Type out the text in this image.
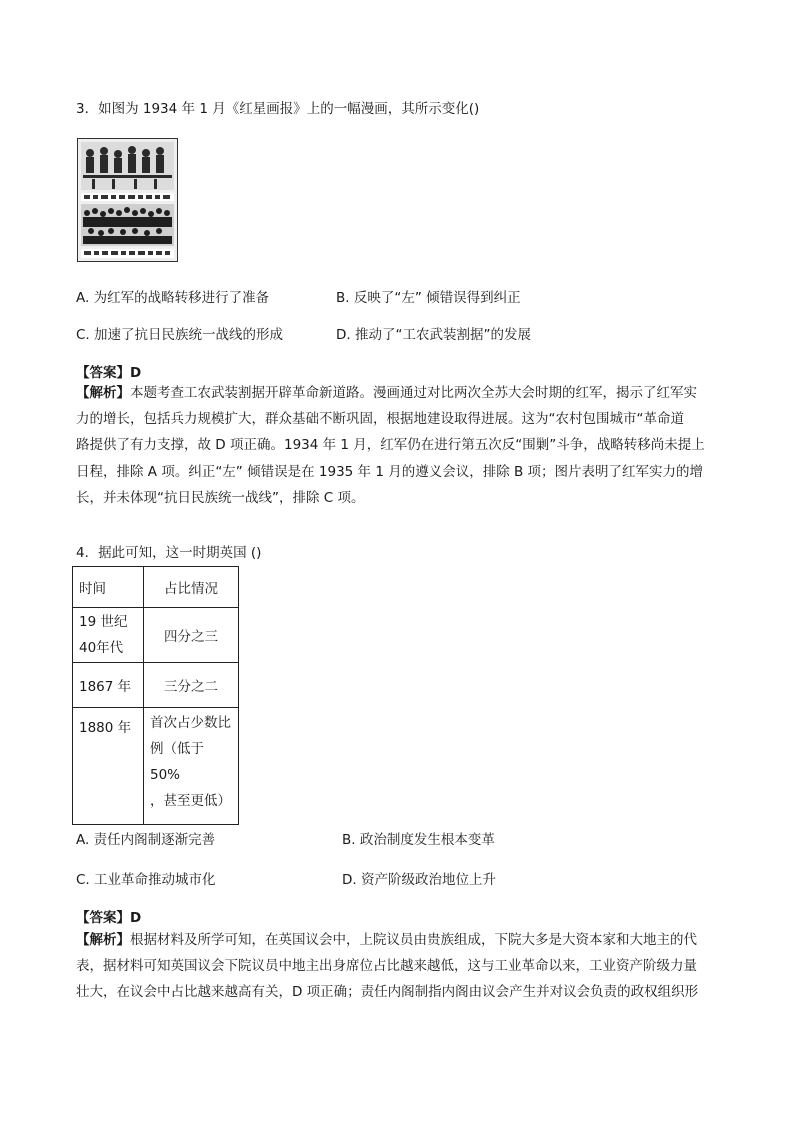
3．如图为 1934 年 1 月《红星画报》上的一幅漫画，其所示变化()
A. 为红军的战略转移进行了准备	B. 反映了“左” 倾错误得到纠正
C. 加速了抗日民族统一战线的形成	D. 推动了“工农武装割据”的发展
【答案】D
【解析】本题考查工农武装割据开辟革命新道路。漫画通过对比两次全苏大会时期的红军，揭示了红军实
力的增长，包括兵力规模扩大，群众基础不断巩固，根据地建设取得进展。这为“农村包围城市“革命道
路提供了有力支撑，故 D 项正确。1934 年 1 月，红军仍在进行第五次反“围剿”斗争，战略转移尚未提上
日程，排除 A 项。纠正“左” 倾错误是在 1935 年 1 月的遵义会议，排除 B 项；图片表明了红军实力的增
长，并未体现“抗日民族统一战线”，排除 C 项。
4．据此可知，这一时期英国 ()
时间	占比情况

19 世纪
40年代	四分之三
1867 年	三分之二
1880 年	首次占少数比
例（低于 50%
，甚至更低）
A. 责任内阁制逐渐完善	B. 政治制度发生根本变革
C. 工业革命推动城市化	D. 资产阶级政治地位上升
【答案】D
【解析】根据材料及所学可知，在英国议会中，上院议员由贵族组成，下院大多是大资本家和大地主的代
表，据材料可知英国议会下院议员中地主出身席位占比越来越低，这与工业革命以来，工业资产阶级力量
壮大，在议会中占比越来越高有关，D 项正确；责任内阁制指内阁由议会产生并对议会负责的政权组织形
